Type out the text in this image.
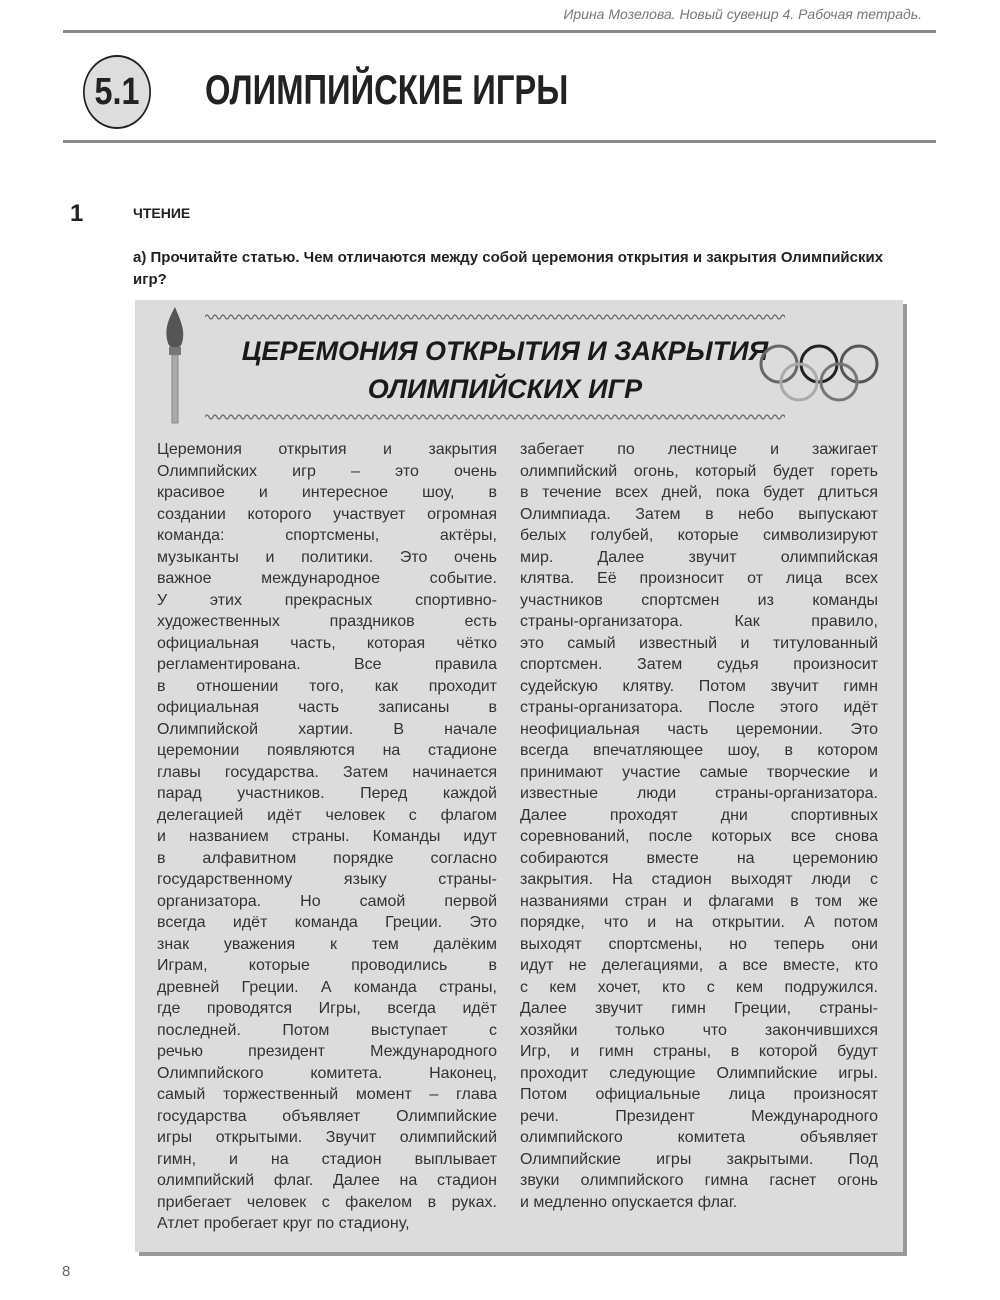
Ирина Мозелова. Новый сувенир 4. Рабочая тетрадь.
5.1 ОЛИМПИЙСКИЕ ИГРЫ
1	ЧТЕНИЕ
а) Прочитайте статью. Чем отличаются между собой церемония открытия и закрытия Олимпийских игр?
ЦЕРЕМОНИЯ ОТКРЫТИЯ И ЗАКРЫТИЯ
ОЛИМПИЙСКИХ ИГР
Церемония открытия и закрытия
Олимпийских игр – это очень
красивое и интересное шоу, в
создании которого участвует огромная
команда: спортсмены, актёры,
музыканты и политики. Это очень
важное международное событие.
У этих прекрасных спортивно-
художественных праздников есть
официальная часть, которая чётко
регламентирована. Все правила
в отношении того, как проходит
официальная часть записаны в
Олимпийской хартии. В начале
церемонии появляются на стадионе
главы государства. Затем начинается
парад участников. Перед каждой
делегацией идёт человек с флагом
и названием страны. Команды идут
в алфавитном порядке согласно
государственному языку страны-
организатора. Но самой первой
всегда идёт команда Греции. Это
знак уважения к тем далёким
Играм, которые проводились в
древней Греции. А команда страны,
где проводятся Игры, всегда идёт
последней. Потом выступает с
речью президент Международного
Олимпийского комитета. Наконец,
самый торжественный момент – глава
государства объявляет Олимпийские
игры открытыми. Звучит олимпийский
гимн, и на стадион выплывает
олимпийский флаг. Далее на стадион
прибегает человек с факелом в руках.
Атлет пробегает круг по стадиону,
забегает по лестнице и зажигает
олимпийский огонь, который будет гореть
в течение всех дней, пока будет длиться
Олимпиада. Затем в небо выпускают
белых голубей, которые символизируют
мир. Далее звучит олимпийская
клятва. Её произносит от лица всех
участников спортсмен из команды
страны-организатора. Как правило,
это самый известный и титулованный
спортсмен. Затем судья произносит
судейскую клятву. Потом звучит гимн
страны-организатора. После этого идёт
неофициальная часть церемонии. Это
всегда впечатляющее шоу, в котором
принимают участие самые творческие и
известные люди страны-организатора.
Далее проходят дни спортивных
соревнований, после которых все снова
собираются вместе на церемонию
закрытия. На стадион выходят люди с
названиями стран и флагами в том же
порядке, что и на открытии. А потом
выходят спортсмены, но теперь они
идут не делегациями, а все вместе, кто
с кем хочет, кто с кем подружился.
Далее звучит гимн Греции, страны-
хозяйки только что закончившихся
Игр, и гимн страны, в которой будут
проходит следующие Олимпийские игры.
Потом официальные лица произносят
речи. Президент Международного
олимпийского комитета объявляет
Олимпийские игры закрытыми. Под
звуки олимпийского гимна гаснет огонь
и медленно опускается флаг.
8
